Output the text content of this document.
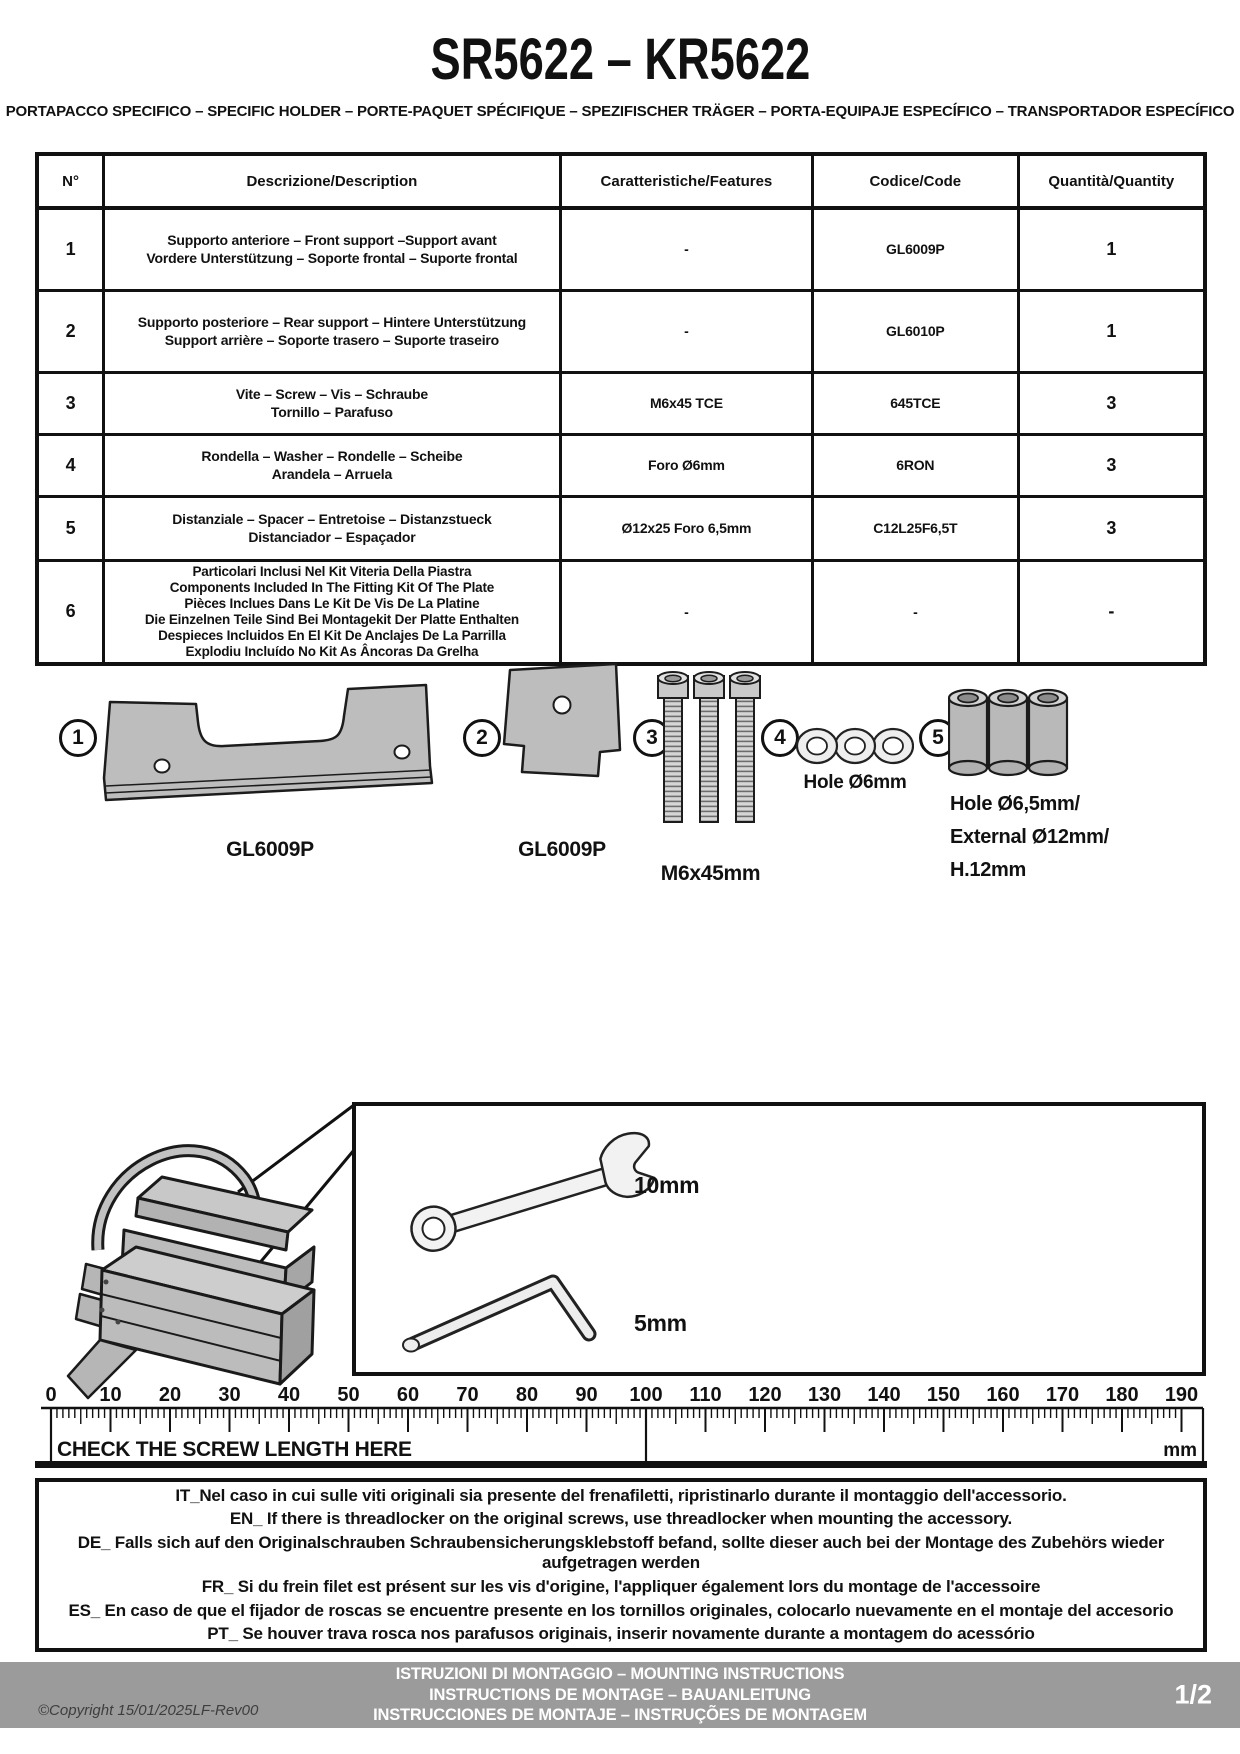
SR5622 – KR5622
PORTAPACCO SPECIFICO – SPECIFIC HOLDER – PORTE-PAQUET SPÉCIFIQUE – SPEZIFISCHER TRÄGER – PORTA-EQUIPAJE ESPECÍFICO – TRANSPORTADOR ESPECÍFICO
N°	Descrizione/Description	Caratteristiche/Features	Codice/Code	Quantità/Quantity
1	Supporto anteriore – Front support –Support avant
Vordere Unterstützung – Soporte frontal – Suporte frontal	-	GL6009P	1
2	Supporto posteriore – Rear support – Hintere Unterstützung
Support arrière – Soporte trasero – Suporte traseiro	-	GL6010P	1
3	Vite – Screw – Vis – Schraube
Tornillo – Parafuso	M6x45 TCE	645TCE	3
4	Rondella – Washer – Rondelle – Scheibe
Arandela – Arruela	Foro Ø6mm	6RON	3
5	Distanziale – Spacer – Entretoise – Distanzstueck
Distanciador – Espaçador	Ø12x25 Foro 6,5mm	C12L25F6,5T	3
6	
Particolari Inclusi Nel Kit Viteria Della Piastra
Components Included In The Fitting Kit Of The Plate
Pièces Inclues Dans Le Kit De Vis De La Platine
Die Einzelnen Teile Sind Bei Montagekit Der Platte Enthalten
Despieces Incluidos En El Kit De Anclajes De La Parrilla
Explodiu Incluído No Kit As Âncoras Da Grelha
	-	-	-
1
GL6009P
2
GL6009P
3
M6x45mm
4
Hole Ø6mm
5
Hole Ø6,5mm/
External Ø12mm/
H.12mm
10mm
5mm
0 10 20 30 40 50 60 70 80 90 100 110 120 130 140 150 160 170 180 190
mm
CHECK THE SCREW LENGTH HERE
IT_Nel caso in cui sulle viti originali sia presente del frenafiletti, ripristinarlo durante il montaggio dell'accessorio.
EN_ If there is threadlocker on the original screws, use threadlocker when mounting the accessory.
DE_ Falls sich auf den Originalschrauben Schraubensicherungsklebstoff befand, sollte dieser auch bei der Montage des Zubehörs wieder aufgetragen werden
FR_ Si du frein filet est présent sur les vis d'origine, l'appliquer également lors du montage de l'accessoire
ES_ En caso de que el fijador de roscas se encuentre presente en los tornillos originales, colocarlo nuevamente en el montaje del accesorio
PT_ Se houver trava rosca nos parafusos originais, inserir novamente durante a montagem do acessório
©Copyright 15/01/2025LF-Rev00
ISTRUZIONI DI MONTAGGIO – MOUNTING INSTRUCTIONS
INSTRUCTIONS DE MONTAGE – BAUANLEITUNG
INSTRUCCIONES DE MONTAJE – INSTRUÇÕES DE MONTAGEM
1/2
